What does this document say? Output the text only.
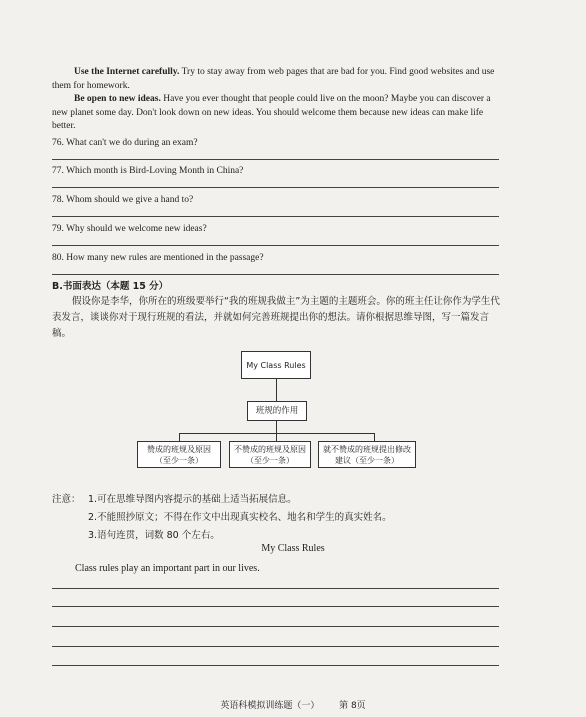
Use the Internet carefully. Try to stay away from web pages that are bad for you. Find good websites and use them for homework.

Be open to new ideas. Have you ever thought that people could live on the moon? Maybe you can discover a new planet some day. Don't look down on new ideas. You should welcome them because new ideas can make life better.

76. What can't we do during an exam?
77. Which month is Bird-Loving Month in China?
78. Whom should we give a hand to?
79. Why should we welcome new ideas?
80. How many new rules are mentioned in the passage?
B.书面表达（本题 15 分）
假设你是李华，你所在的班级要举行“我的班规我做主”为主题的主题班会。你的班主任让你作为学生代表发言，谈谈你对于现行班规的看法，并就如何完善班规提出你的想法。请你根据思维导图，写一篇发言稿。
My Class Rules
班规的作用
赞成的班规及原因（至少一条）
不赞成的班规及原因（至少一条）
就不赞成的班规提出修改建议（至少一条）
注意： 1.可在思维导图内容提示的基础上适当拓展信息。
2.不能照抄原文；不得在作文中出现真实校名、地名和学生的真实姓名。
3.语句连贯，词数 80 个左右。
My Class Rules
Class rules play an important part in our lives.
英语科模拟训练题（一） 第 8页
